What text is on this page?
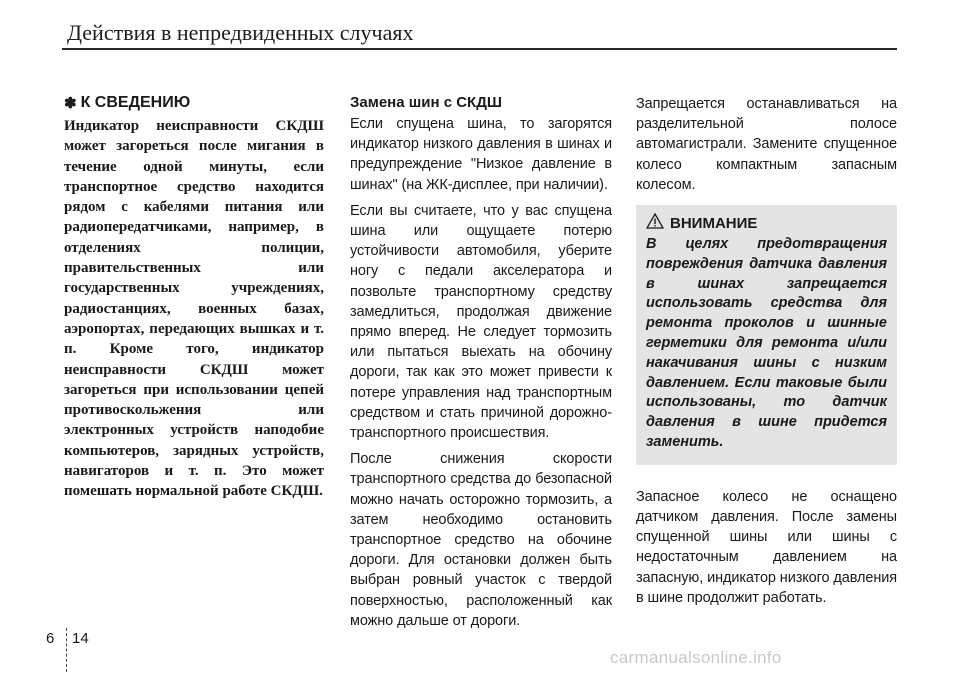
Действия в непредвиденных случаях
✽ К СВЕДЕНИЮ

Индикатор неисправности СКДШ может загореться после мигания в течение одной минуты, если транспортное средство находится рядом с кабелями питания или радиопередатчиками, например, в отделениях полиции, правительственных или государственных учреждениях, радиостанциях, военных базах, аэропортах, передающих вышках и т. п. Кроме того, индикатор неисправности СКДШ может загореться при использовании цепей противоскольжения или электронных устройств наподобие компьютеров, зарядных устройств, навигаторов и т. п. Это может помешать нормальной работе СКДШ.

Замена шин с СКДШ

Если спущена шина, то загорятся индикатор низкого давления в шинах и предупреждение "Низкое давление в шинах" (на ЖК-дисплее, при наличии).

Если вы считаете, что у вас спущена шина или ощущаете потерю устойчивости автомобиля, уберите ногу с педали акселератора и позвольте транспортному средству замедлиться, продолжая движение прямо вперед. Не следует тормозить или пытаться выехать на обочину дороги, так как это может привести к потере управления над транспортным средством и стать причиной дорожно-транспортного происшествия.

После снижения скорости транспортного средства до безопасной можно начать осторожно тормозить, а затем необходимо остановить транспортное средство на обочине дороги. Для остановки должен быть выбран ровный участок с твердой поверхностью, расположенный как можно дальше от дороги.

Запрещается останавливаться на разделительной полосе автомагистрали. Замените спущенное колесо компактным запасным колесом.

ВНИМАНИЕ

В целях предотвращения повреждения датчика давления в шинах запрещается использовать средства для ремонта проколов и шинные герметики для ремонта и/или накачивания шины с низким давлением. Если таковые были использованы, то датчик давления в шине придется заменить.

Запасное колесо не оснащено датчиком давления. После замены спущенной шины или шины с недостаточным давлением на запасную, индикатор низкого давления в шине продолжит работать.

6 14
carmanualsonline.info
